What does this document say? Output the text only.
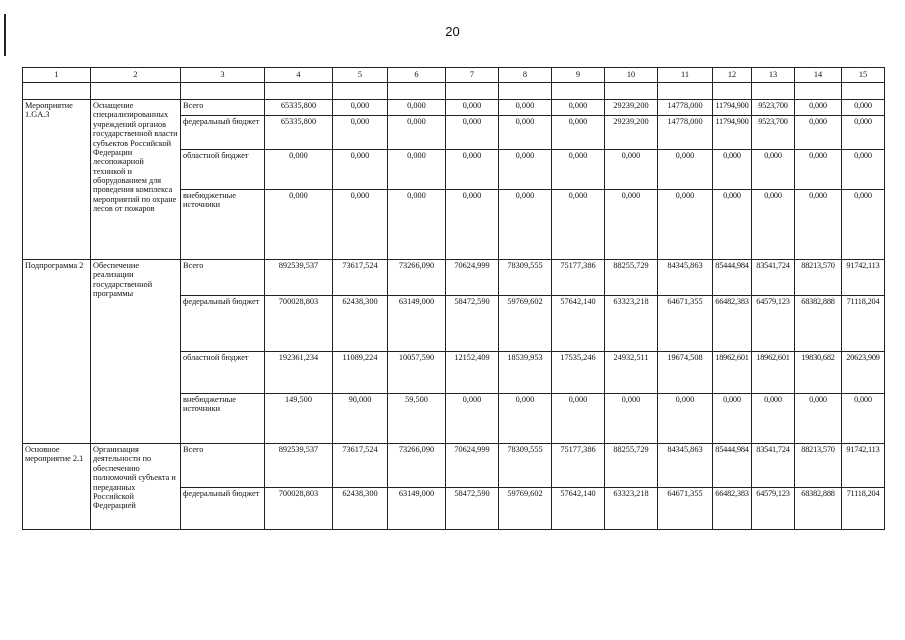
20
1	2	3	4	5	6	7	8	9	10	11	12	13	14	15

Мероприятие 1.GA.3	Оснащение специализированных учреждений органов государственной власти субъектов Российской Федерации лесопожарной техникой и оборудованием для проведения комплекса мероприятий по охране лесов от пожаров	Всего	65335,800	0,000	0,000	0,000	0,000	0,000	29239,200	14778,000	11794,900	9523,700	0,000	0,000
		федеральный бюджет	65335,800	0,000	0,000	0,000	0,000	0,000	29239,200	14778,000	11794,900	9523,700	0,000	0,000
		областной бюджет	0,000	0,000	0,000	0,000	0,000	0,000	0,000	0,000	0,000	0,000	0,000	0,000
		внебюджетные источники	0,000	0,000	0,000	0,000	0,000	0,000	0,000	0,000	0,000	0,000	0,000	0,000
Подпрограмма 2	Обеспечение реализации государственной программы	Всего	892539,537	73617,524	73266,090	70624,999	78309,555	75177,386	88255,729	84345,863	85444,984	83541,724	88213,570	91742,113
		федеральный бюджет	700028,803	62438,300	63149,000	58472,590	59769,602	57642,140	63323,218	64671,355	66482,383	64579,123	68382,888	71118,204
		областной бюджет	192361,234	11089,224	10057,590	12152,409	18539,953	17535,246	24932,511	19674,508	18962,601	18962,601	19830,682	20623,909
		внебюджетные источники	149,500	90,000	59,500	0,000	0,000	0,000	0,000	0,000	0,000	0,000	0,000	0,000
Основное мероприятие 2.1	Организация деятельности по обеспечению полномочий субъекта и переданных Российской Федерацией	Всего	892539,537	73617,524	73266,090	70624,999	78309,555	75177,386	88255,729	84345,863	85444,984	83541,724	88213,570	91742,113
		федеральный бюджет	700028,803	62438,300	63149,000	58472,590	59769,602	57642,140	63323,218	64671,355	66482,383	64579,123	68382,888	71118,204
